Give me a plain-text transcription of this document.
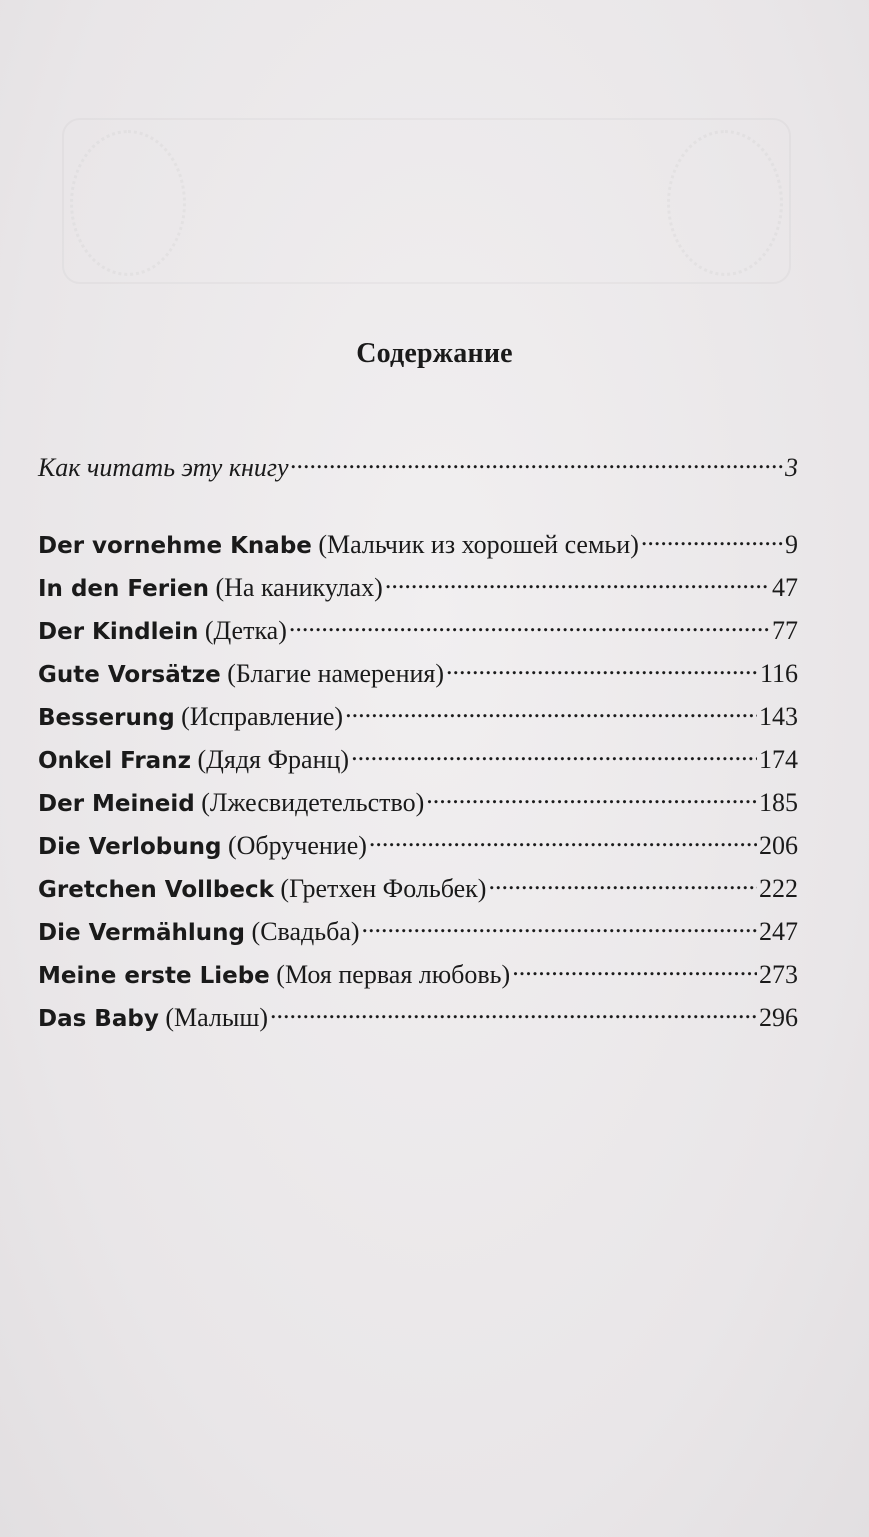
Содержание
Как читать эту книгу .....	3
Der vornehme Knabe (Мальчик из хорошей семьи) .....	9
In den Ferien (На каникулах) .....	47
Der Kindlein (Детка) .....	77
Gute Vorsätze (Благие намерения) .....	116
Besserung (Исправление) .....	143
Onkel Franz (Дядя Франц) .....	174
Der Meineid (Лжесвидетельство) .....	185
Die Verlobung (Обручение) .....	206
Gretchen Vollbeck (Гретхен Фольбек) .....	222
Die Vermählung (Свадьба) .....	247
Meine erste Liebe (Моя первая любовь) .....	273
Das Baby (Малыш) .....	296
